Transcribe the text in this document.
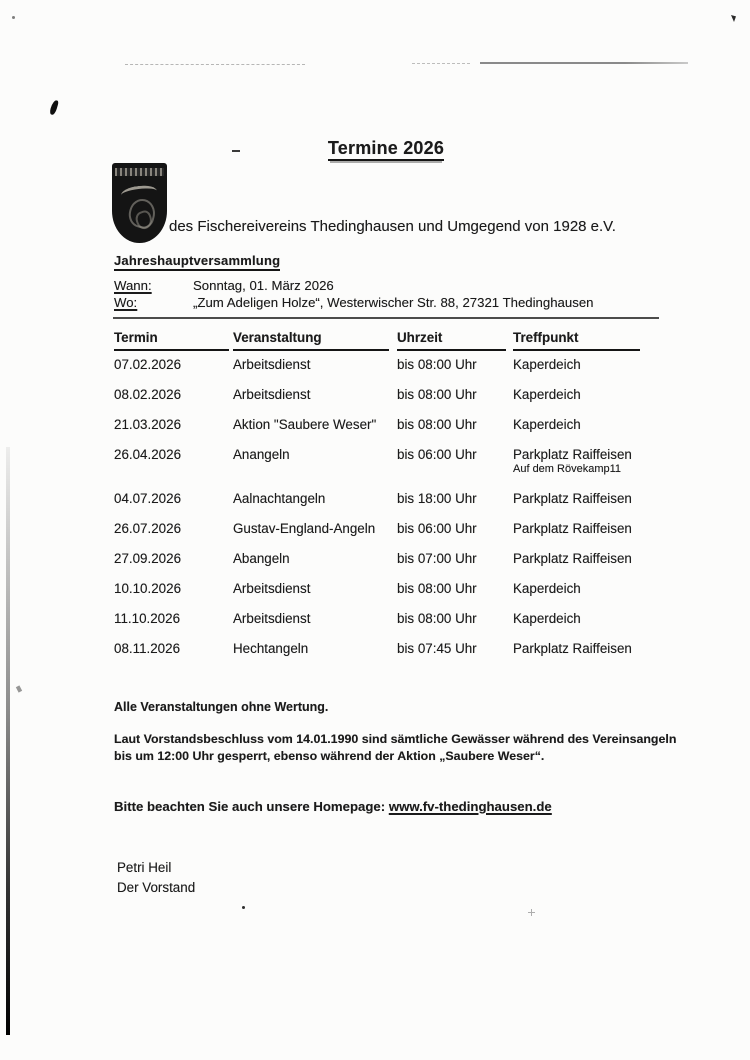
Termine 2026
des Fischereivereins Thedinghausen und Umgegend von 1928 e.V.
Jahreshauptversammlung
Wann:	Sonntag, 01. März 2026
Wo:	„Zum Adeligen Holze“, Westerwischer Str. 88, 27321 Thedinghausen
Termin	Veranstaltung	Uhrzeit	Treffpunkt
07.02.2026	Arbeitsdienst	bis 08:00 Uhr	Kaperdeich
08.02.2026	Arbeitsdienst	bis 08:00 Uhr	Kaperdeich
21.03.2026	Aktion "Saubere Weser"	bis 08:00 Uhr	Kaperdeich
26.04.2026	Anangeln	bis 06:00 Uhr	Parkplatz Raiffeisen
Auf dem Rövekamp11
04.07.2026	Aalnachtangeln	bis 18:00 Uhr	Parkplatz Raiffeisen
26.07.2026	Gustav-England-Angeln	bis 06:00 Uhr	Parkplatz Raiffeisen
27.09.2026	Abangeln	bis 07:00 Uhr	Parkplatz Raiffeisen
10.10.2026	Arbeitsdienst	bis 08:00 Uhr	Kaperdeich
11.10.2026	Arbeitsdienst	bis 08:00 Uhr	Kaperdeich
08.11.2026	Hechtangeln	bis 07:45 Uhr	Parkplatz Raiffeisen
Alle Veranstaltungen ohne Wertung.
Laut Vorstandsbeschluss vom 14.01.1990 sind sämtliche Gewässer während des Vereinsangeln
bis um 12:00 Uhr gesperrt, ebenso während der Aktion „Saubere Weser“.
Bitte beachten Sie auch unsere Homepage: www.fv-thedinghausen.de
Petri Heil
Der Vorstand
